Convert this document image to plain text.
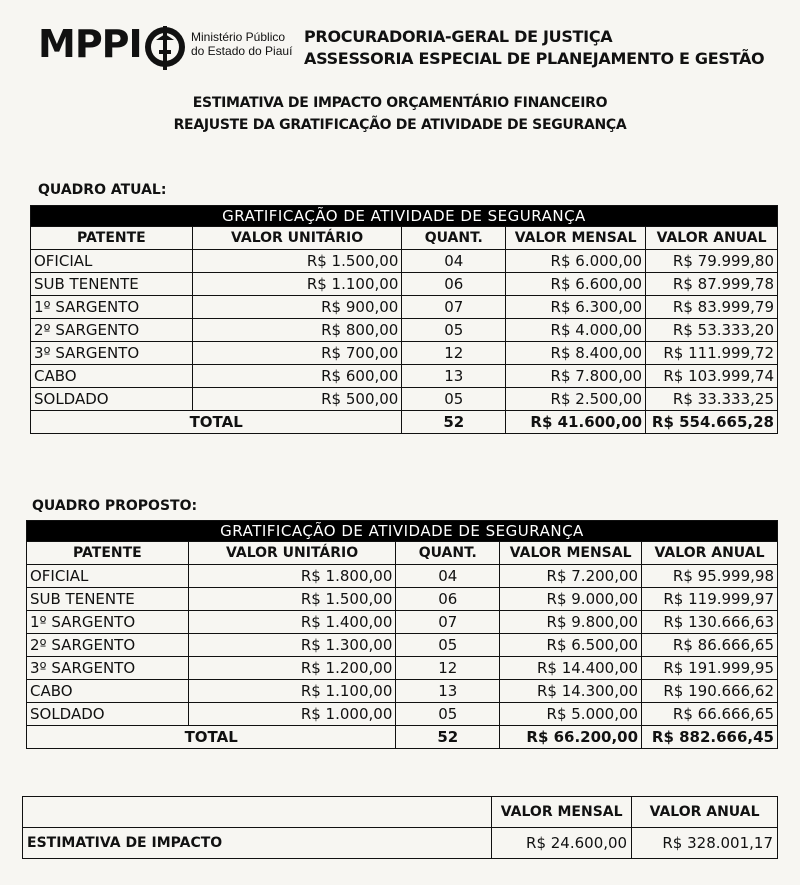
MPPI	Ministério Público
do Estado do Piauí
PROCURADORIA-GERAL DE JUSTIÇA
ASSESSORIA ESPECIAL DE PLANEJAMENTO E GESTÃO
ESTIMATIVA DE IMPACTO ORÇAMENTÁRIO FINANCEIRO
REAJUSTE DA GRATIFICAÇÃO DE ATIVIDADE DE SEGURANÇA
QUADRO ATUAL:
GRATIFICAÇÃO DE ATIVIDADE DE SEGURANÇA				
PATENTE	VALOR UNITÁRIO	QUANT.	VALOR MENSAL	VALOR ANUAL
OFICIAL	R$ 1.500,00	04	R$ 6.000,00	R$ 79.999,80
SUB TENENTE	R$ 1.100,00	06	R$ 6.600,00	R$ 87.999,78
1º SARGENTO	R$ 900,00	07	R$ 6.300,00	R$ 83.999,79
2º SARGENTO	R$ 800,00	05	R$ 4.000,00	R$ 53.333,20
3º SARGENTO	R$ 700,00	12	R$ 8.400,00	R$ 111.999,72
CABO	R$ 600,00	13	R$ 7.800,00	R$ 103.999,74
SOLDADO	R$ 500,00	05	R$ 2.500,00	R$ 33.333,25
TOTAL		52	R$ 41.600,00	R$ 554.665,28
QUADRO PROPOSTO:
GRATIFICAÇÃO DE ATIVIDADE DE SEGURANÇA				
PATENTE	VALOR UNITÁRIO	QUANT.	VALOR MENSAL	VALOR ANUAL
OFICIAL	R$ 1.800,00	04	R$ 7.200,00	R$ 95.999,98
SUB TENENTE	R$ 1.500,00	06	R$ 9.000,00	R$ 119.999,97
1º SARGENTO	R$ 1.400,00	07	R$ 9.800,00	R$ 130.666,63
2º SARGENTO	R$ 1.300,00	05	R$ 6.500,00	R$ 86.666,65
3º SARGENTO	R$ 1.200,00	12	R$ 14.400,00	R$ 191.999,95
CABO	R$ 1.100,00	13	R$ 14.300,00	R$ 190.666,62
SOLDADO	R$ 1.000,00	05	R$ 5.000,00	R$ 66.666,65
TOTAL		52	R$ 66.200,00	R$ 882.666,45
	VALOR MENSAL	VALOR ANUAL
ESTIMATIVA DE IMPACTO	R$ 24.600,00	R$ 328.001,17
